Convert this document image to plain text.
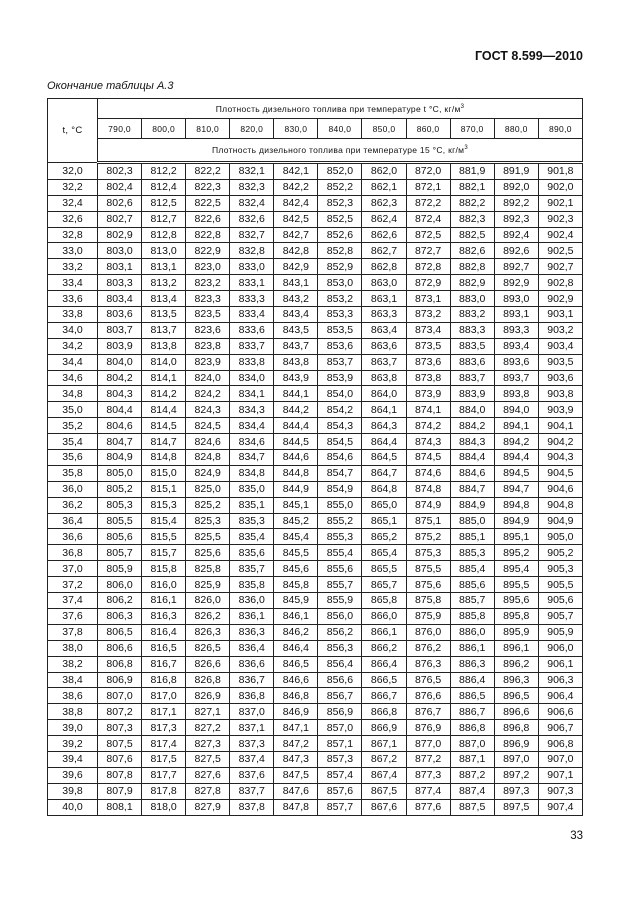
ГОСТ 8.599—2010
Окончание таблицы А.3
t, °C	Плотность дизельного топлива при температуре t °С, $кг/м^3$
	790,0	800,0	810,0	820,0	830,0	840,0	850,0	860,0	870,0	880,0	890,0
	Плотность дизельного топлива при температуре 15 °С, $кг/м^3$
32,0	802,3	812,2	822,2	832,1	842,1	852,0	862,0	872,0	881,9	891,9	901,8
32,2	802,4	812,4	822,3	832,3	842,2	852,2	862,1	872,1	882,1	892,0	902,0
32,4	802,6	812,5	822,5	832,4	842,4	852,3	862,3	872,2	882,2	892,2	902,1
32,6	802,7	812,7	822,6	832,6	842,5	852,5	862,4	872,4	882,3	892,3	902,3
32,8	802,9	812,8	822,8	832,7	842,7	852,6	862,6	872,5	882,5	892,4	902,4
33,0	803,0	813,0	822,9	832,8	842,8	852,8	862,7	872,7	882,6	892,6	902,5
33,2	803,1	813,1	823,0	833,0	842,9	852,9	862,8	872,8	882,8	892,7	902,7
33,4	803,3	813,2	823,2	833,1	843,1	853,0	863,0	872,9	882,9	892,9	902,8
33,6	803,4	813,4	823,3	833,3	843,2	853,2	863,1	873,1	883,0	893,0	902,9
33,8	803,6	813,5	823,5	833,4	843,4	853,3	863,3	873,2	883,2	893,1	903,1
34,0	803,7	813,7	823,6	833,6	843,5	853,5	863,4	873,4	883,3	893,3	903,2
34,2	803,9	813,8	823,8	833,7	843,7	853,6	863,6	873,5	883,5	893,4	903,4
34,4	804,0	814,0	823,9	833,8	843,8	853,7	863,7	873,6	883,6	893,6	903,5
34,6	804,2	814,1	824,0	834,0	843,9	853,9	863,8	873,8	883,7	893,7	903,6
34,8	804,3	814,2	824,2	834,1	844,1	854,0	864,0	873,9	883,9	893,8	903,8
35,0	804,4	814,4	824,3	834,3	844,2	854,2	864,1	874,1	884,0	894,0	903,9
35,2	804,6	814,5	824,5	834,4	844,4	854,3	864,3	874,2	884,2	894,1	904,1
35,4	804,7	814,7	824,6	834,6	844,5	854,5	864,4	874,3	884,3	894,2	904,2
35,6	804,9	814,8	824,8	834,7	844,6	854,6	864,5	874,5	884,4	894,4	904,3
35,8	805,0	815,0	824,9	834,8	844,8	854,7	864,7	874,6	884,6	894,5	904,5
36,0	805,2	815,1	825,0	835,0	844,9	854,9	864,8	874,8	884,7	894,7	904,6
36,2	805,3	815,3	825,2	835,1	845,1	855,0	865,0	874,9	884,9	894,8	904,8
36,4	805,5	815,4	825,3	835,3	845,2	855,2	865,1	875,1	885,0	894,9	904,9
36,6	805,6	815,5	825,5	835,4	845,4	855,3	865,2	875,2	885,1	895,1	905,0
36,8	805,7	815,7	825,6	835,6	845,5	855,4	865,4	875,3	885,3	895,2	905,2
37,0	805,9	815,8	825,8	835,7	845,6	855,6	865,5	875,5	885,4	895,4	905,3
37,2	806,0	816,0	825,9	835,8	845,8	855,7	865,7	875,6	885,6	895,5	905,5
37,4	806,2	816,1	826,0	836,0	845,9	855,9	865,8	875,8	885,7	895,6	905,6
37,6	806,3	816,3	826,2	836,1	846,1	856,0	866,0	875,9	885,8	895,8	905,7
37,8	806,5	816,4	826,3	836,3	846,2	856,2	866,1	876,0	886,0	895,9	905,9
38,0	806,6	816,5	826,5	836,4	846,4	856,3	866,2	876,2	886,1	896,1	906,0
38,2	806,8	816,7	826,6	836,6	846,5	856,4	866,4	876,3	886,3	896,2	906,1
38,4	806,9	816,8	826,8	836,7	846,6	856,6	866,5	876,5	886,4	896,3	906,3
38,6	807,0	817,0	826,9	836,8	846,8	856,7	866,7	876,6	886,5	896,5	906,4
38,8	807,2	817,1	827,1	837,0	846,9	856,9	866,8	876,7	886,7	896,6	906,6
39,0	807,3	817,3	827,2	837,1	847,1	857,0	866,9	876,9	886,8	896,8	906,7
39,2	807,5	817,4	827,3	837,3	847,2	857,1	867,1	877,0	887,0	896,9	906,8
39,4	807,6	817,5	827,5	837,4	847,3	857,3	867,2	877,2	887,1	897,0	907,0
39,6	807,8	817,7	827,6	837,6	847,5	857,4	867,4	877,3	887,2	897,2	907,1
39,8	807,9	817,8	827,8	837,7	847,6	857,6	867,5	877,4	887,4	897,3	907,3
40,0	808,1	818,0	827,9	837,8	847,8	857,7	867,6	877,6	887,5	897,5	907,4
33
